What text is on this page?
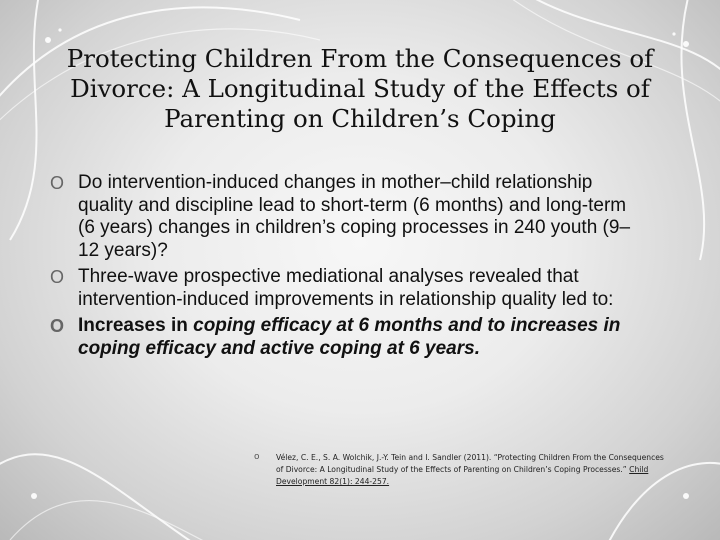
Protecting Children From the Consequences of Divorce: A Longitudinal Study of the Effects of Parenting on Children’s Coping
O Do intervention-induced changes in mother–child relationship quality and discipline lead to short-term (6 months) and long-term (6 years) changes in children’s coping processes in 240 youth (9–12 years)?
O Three-wave prospective mediational analyses revealed that intervention-induced improvements in relationship quality led to:
O Increases in coping efficacy at 6 months and to increases in coping efficacy and active coping at 6 years.
o Vélez, C. E., S. A. Wolchik, J.-Y. Tein and I. Sandler (2011). “Protecting Children From the Consequences of Divorce: A Longitudinal Study of the Effects of Parenting on Children’s Coping Processes.” Child Development 82(1): 244-257.
